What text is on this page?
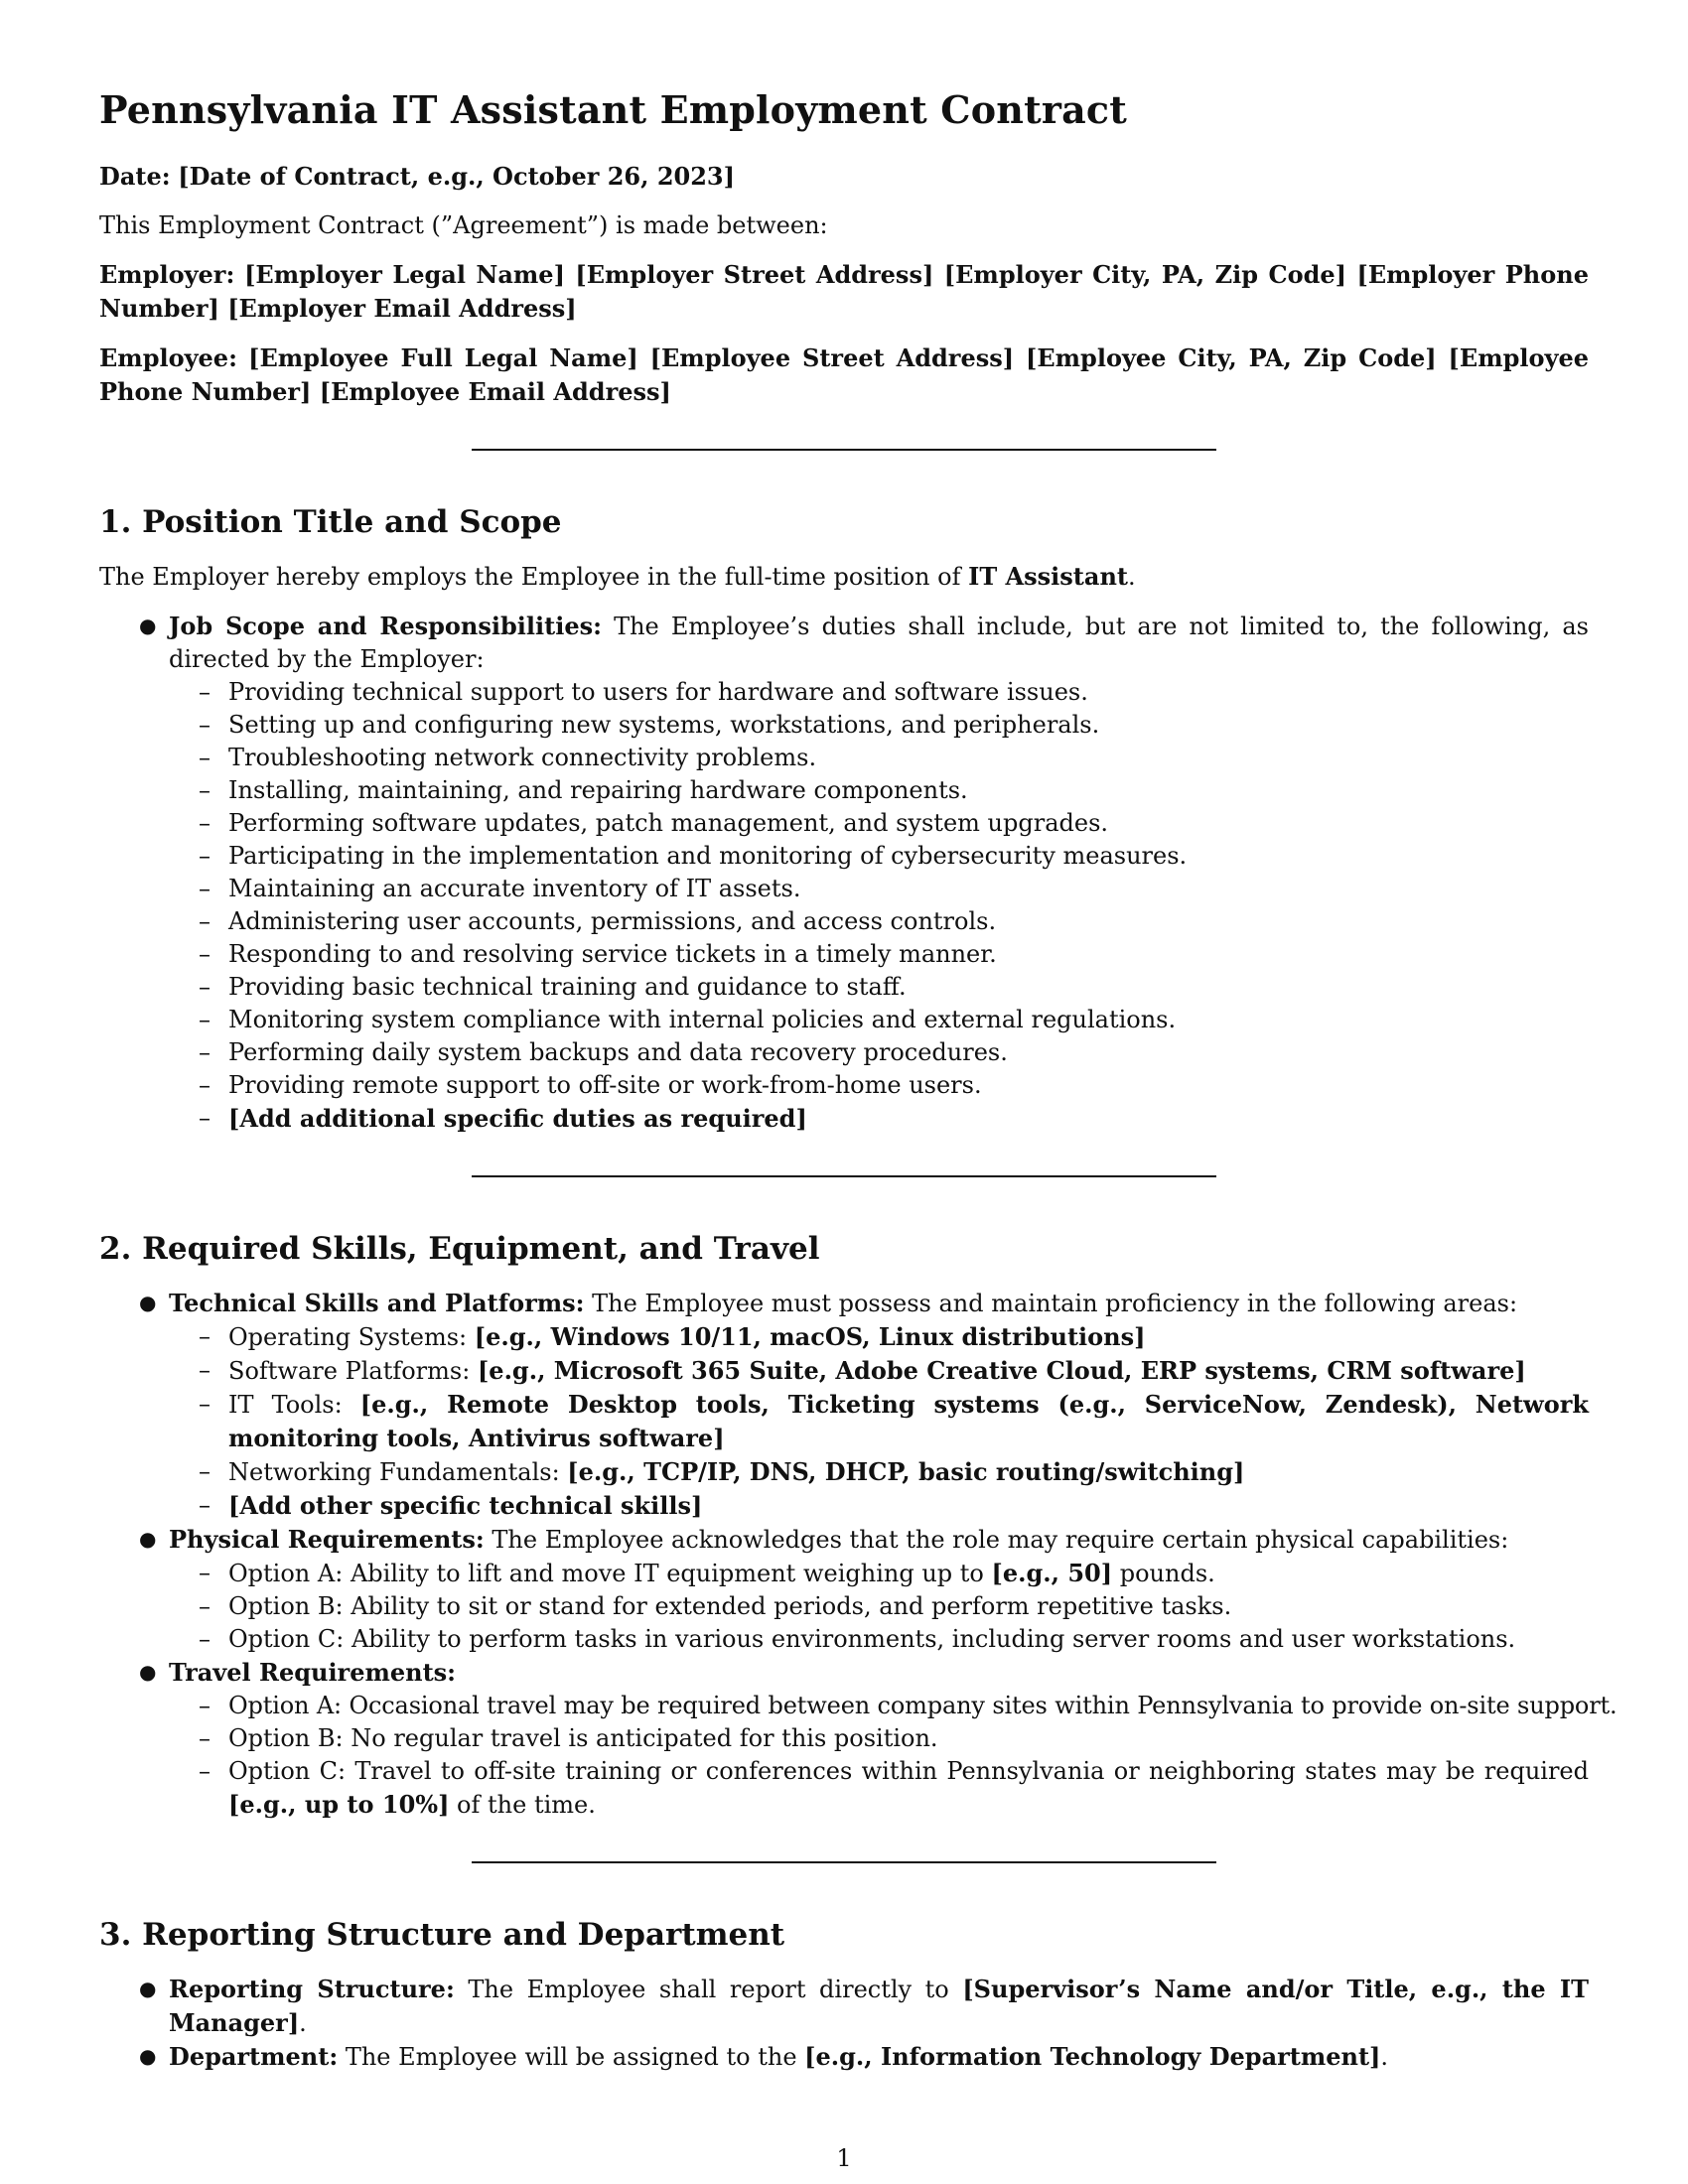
Pennsylvania IT Assistant Employment Contract

Date: [Date of Contract, e.g., October 26, 2023]

This Employment Contract (”Agreement”) is made between:

Employer: [Employer Legal Name] [Employer Street Address] [Employer City, PA, Zip Code] [Employer Phone Number] [Employer Email Address]

Employee: [Employee Full Legal Name] [Employee Street Address] [Employee City, PA, Zip Code] [Employee Phone Number] [Employee Email Address]

1. Position Title and Scope

The Employer hereby employs the Employee in the full-time position of IT Assistant.

● Job Scope and Responsibilities: The Employee’s duties shall include, but are not limited to, the following, as directed by the Employer:
– Providing technical support to users for hardware and software issues.
– Setting up and configuring new systems, workstations, and peripherals.
– Troubleshooting network connectivity problems.
– Installing, maintaining, and repairing hardware components.
– Performing software updates, patch management, and system upgrades.
– Participating in the implementation and monitoring of cybersecurity measures.
– Maintaining an accurate inventory of IT assets.
– Administering user accounts, permissions, and access controls.
– Responding to and resolving service tickets in a timely manner.
– Providing basic technical training and guidance to staff.
– Monitoring system compliance with internal policies and external regulations.
– Performing daily system backups and data recovery procedures.
– Providing remote support to off-site or work-from-home users.
– [Add additional specific duties as required]
2. Required Skills, Equipment, and Travel
● Technical Skills and Platforms: The Employee must possess and maintain proficiency in the following areas:
– Operating Systems: [e.g., Windows 10/11, macOS, Linux distributions]
– Software Platforms: [e.g., Microsoft 365 Suite, Adobe Creative Cloud, ERP systems, CRM software]
– IT Tools: [e.g., Remote Desktop tools, Ticketing systems (e.g., ServiceNow, Zendesk), Network monitoring tools, Antivirus software]
– Networking Fundamentals: [e.g., TCP/IP, DNS, DHCP, basic routing/switching]
– [Add other specific technical skills]
● Physical Requirements: The Employee acknowledges that the role may require certain physical capabilities:
– Option A: Ability to lift and move IT equipment weighing up to [e.g., 50] pounds.
– Option B: Ability to sit or stand for extended periods, and perform repetitive tasks.
– Option C: Ability to perform tasks in various environments, including server rooms and user workstations.
● Travel Requirements:
– Option A: Occasional travel may be required between company sites within Pennsylvania to provide on-site support.
– Option B: No regular travel is anticipated for this position.
– Option C: Travel to off-site training or conferences within Pennsylvania or neighboring states may be required [e.g., up to 10%] of the time.
3. Reporting Structure and Department
● Reporting Structure: The Employee shall report directly to [Supervisor’s Name and/or Title, e.g., the IT Manager].
● Department: The Employee will be assigned to the [e.g., Information Technology Department].
1
